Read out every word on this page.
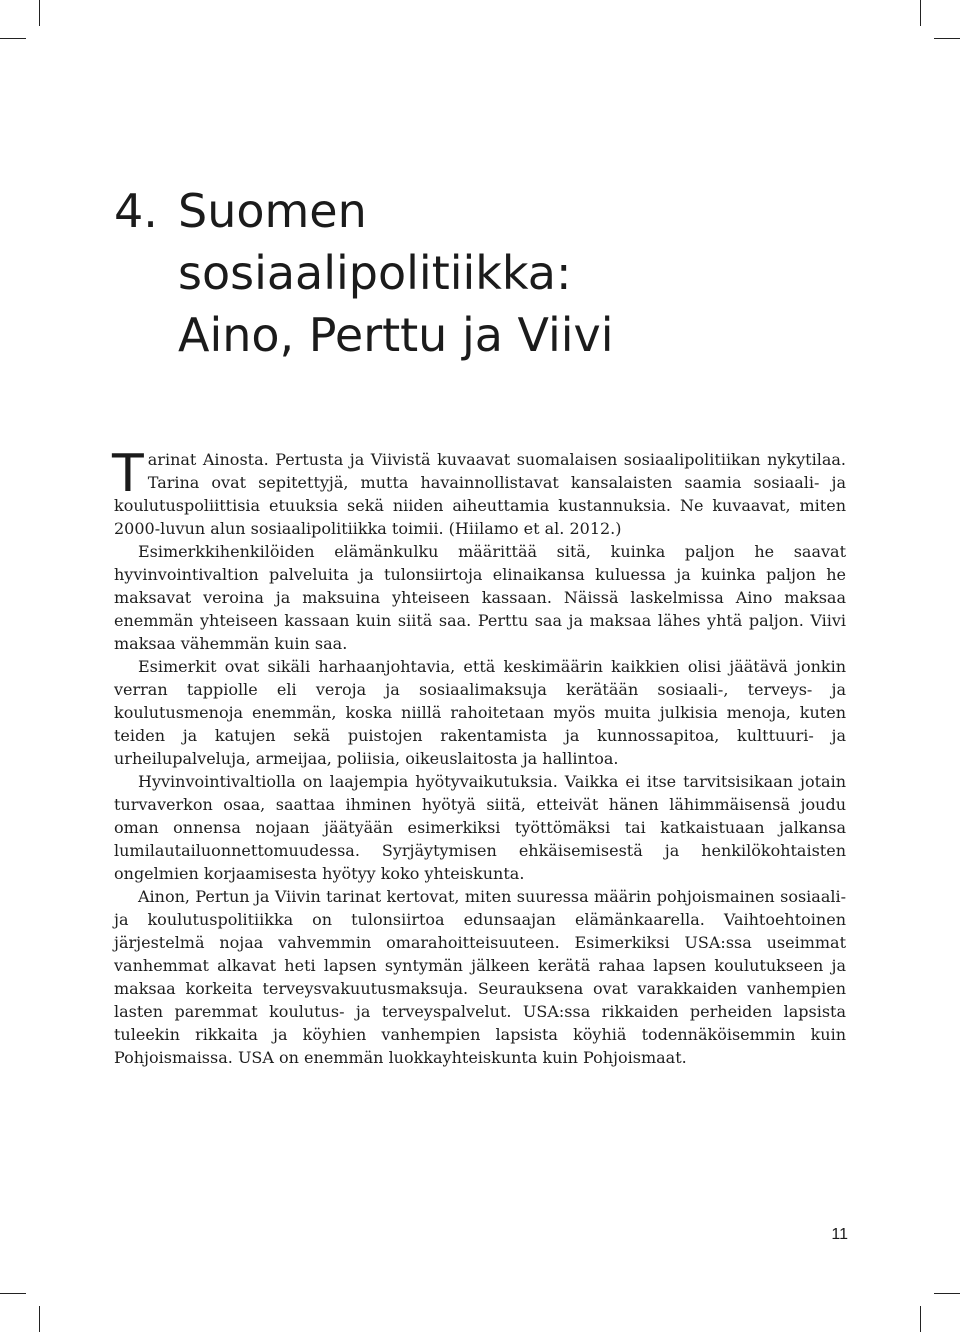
4. Suomen
sosiaalipolitiikka:
Aino, Perttu ja Viivi

Tarinat Ainosta. Pertusta ja Viivistä kuvaavat suomalaisen sosiaalipolitiikan nykytilaa. Tarina ovat sepitettyjä, mutta havainnollistavat kansalaisten saamia sosiaali- ja koulutuspoliittisia etuuksia sekä niiden aiheuttamia kustannuksia. Ne kuvaavat, miten 2000-luvun alun sosiaalipolitiikka toimii. (Hiilamo et al. 2012.)

Esimerkkihenkilöiden elämänkulku määrittää sitä, kuinka paljon he saavat hyvinvointivaltion palveluita ja tulonsiirtoja elinaikansa kuluessa ja kuinka paljon he maksavat veroina ja maksuina yhteiseen kassaan. Näissä laskelmissa Aino maksaa enemmän yhteiseen kassaan kuin siitä saa. Perttu saa ja maksaa lähes yhtä paljon. Viivi maksaa vähemmän kuin saa.

Esimerkit ovat sikäli harhaanjohtavia, että keskimäärin kaikkien olisi jäätävä jonkin verran tappiolle eli veroja ja sosiaalimaksuja kerätään sosiaali-, terveys- ja koulutusmenoja enemmän, koska niillä rahoitetaan myös muita julkisia menoja, kuten teiden ja katujen sekä puistojen rakentamista ja kunnossapitoa, kulttuuri- ja urheilupalveluja, armeijaa, poliisia, oikeuslaitosta ja hallintoa.

Hyvinvointivaltiolla on laajempia hyötyvaikutuksia. Vaikka ei itse tarvitsisikaan jotain turvaverkon osaa, saattaa ihminen hyötyä siitä, etteivät hänen lähimmäisensä joudu oman onnensa nojaan jäätyään esimerkiksi työttömäksi tai katkaistuaan jalkansa lumilautailuonnettomuudessa. Syrjäytymisen ehkäisemisestä ja henkilökohtaisten ongelmien korjaamisesta hyötyy koko yhteiskunta.

Ainon, Pertun ja Viivin tarinat kertovat, miten suuressa määrin pohjoismainen sosiaali- ja koulutuspolitiikka on tulonsiirtoa edunsaajan elämänkaarella. Vaihtoehtoinen järjestelmä nojaa vahvemmin omarahoitteisuuteen. Esimerkiksi USA:ssa useimmat vanhemmat alkavat heti lapsen syntymän jälkeen kerätä rahaa lapsen koulutukseen ja maksaa korkeita terveysvakuutusmaksuja. Seurauksena ovat varakkaiden vanhempien lasten paremmat koulutus- ja terveyspalvelut. USA:ssa rikkaiden perheiden lapsista tuleekin rikkaita ja köyhien vanhempien lapsista köyhiä todennäköisemmin kuin Pohjoismaissa. USA on enemmän luokkayhteiskunta kuin Pohjoismaat.

11
